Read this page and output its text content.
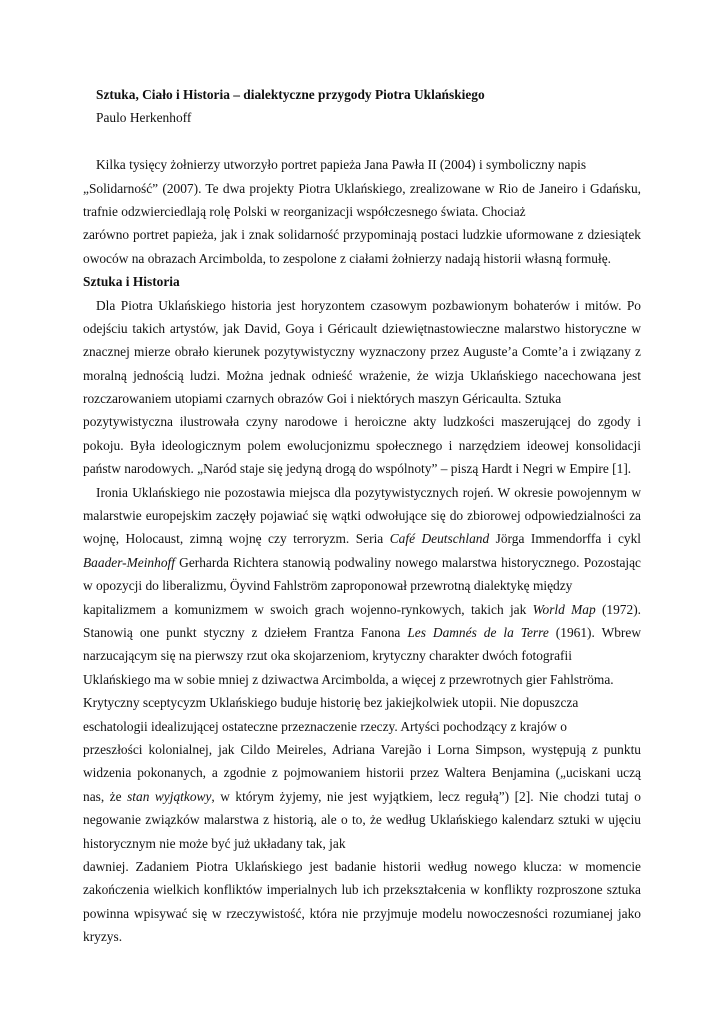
Sztuka, Ciało i Historia – dialektyczne przygody Piotra Uklańskiego
Paulo Herkenhoff
Kilka tysięcy żołnierzy utworzyło portret papieża Jana Pawła II (2004) i symboliczny napis
„Solidarność” (2007). Te dwa projekty Piotra Uklańskiego, zrealizowane w Rio de Janeiro i Gdańsku,
trafnie odzwierciedlają rolę Polski w reorganizacji współczesnego świata. Chociaż
zarówno portret papieża, jak i znak solidarność przypominają postaci ludzkie uformowane z dziesiątek
owoców na obrazach Arcimbolda, to zespolone z ciałami żołnierzy nadają historii własną formułę.
Sztuka i Historia
Dla Piotra Uklańskiego historia jest horyzontem czasowym pozbawionym bohaterów i mitów. Po
odejściu takich artystów, jak David, Goya i Géricault dziewiętnastowieczne malarstwo historyczne w
znacznej mierze obrało kierunek pozytywistyczny wyznaczony przez Auguste’a Comte’a i związany z
moralną jednością ludzi. Można jednak odnieść wrażenie, że wizja Uklańskiego nacechowana jest
rozczarowaniem utopiami czarnych obrazów Goi i niektórych maszyn Géricaulta. Sztuka
pozytywistyczna ilustrowała czyny narodowe i heroiczne akty ludzkości maszerującej do zgody i
pokoju. Była ideologicznym polem ewolucjonizmu społecznego i narzędziem ideowej konsolidacji
państw narodowych. „Naród staje się jedyną drogą do wspólnoty” – piszą Hardt i Negri w Empire [1].
Ironia Uklańskiego nie pozostawia miejsca dla pozytywistycznych rojeń. W okresie powojennym w
malarstwie europejskim zaczęły pojawiać się wątki odwołujące się do zbiorowej odpowiedzialności za
wojnę, Holocaust, zimną wojnę czy terroryzm. Seria Café Deutschland Jörga Immendorffa i cykl
Baader-Meinhoff Gerharda Richtera stanowią podwaliny nowego malarstwa historycznego. Pozostając
w opozycji do liberalizmu, Öyvind Fahlström zaproponował przewrotną dialektykę między
kapitalizmem a komunizmem w swoich grach wojenno-rynkowych, takich jak World Map (1972).
Stanowią one punkt styczny z dziełem Frantza Fanona Les Damnés de la Terre (1961). Wbrew
narzucającym się na pierwszy rzut oka skojarzeniom, krytyczny charakter dwóch fotografii
Uklańskiego ma w sobie mniej z dziwactwa Arcimbolda, a więcej z przewrotnych gier Fahlströma.
Krytyczny sceptycyzm Uklańskiego buduje historię bez jakiejkolwiek utopii. Nie dopuszcza
eschatologii idealizującej ostateczne przeznaczenie rzeczy. Artyści pochodzący z krajów o
przeszłości kolonialnej, jak Cildo Meireles, Adriana Varejão i Lorna Simpson, występują z punktu
widzenia pokonanych, a zgodnie z pojmowaniem historii przez Waltera Benjamina („uciskani uczą
nas, że stan wyjątkowy, w którym żyjemy, nie jest wyjątkiem, lecz regułą”) [2]. Nie chodzi tutaj o
negowanie związków malarstwa z historią, ale o to, że według Uklańskiego kalendarz sztuki w ujęciu
historycznym nie może być już układany tak, jak
dawniej. Zadaniem Piotra Uklańskiego jest badanie historii według nowego klucza: w momencie
zakończenia wielkich konfliktów imperialnych lub ich przekształcenia w konflikty rozproszone sztuka
powinna wpisywać się w rzeczywistość, która nie przyjmuje modelu nowoczesności rozumianej jako
kryzys.
